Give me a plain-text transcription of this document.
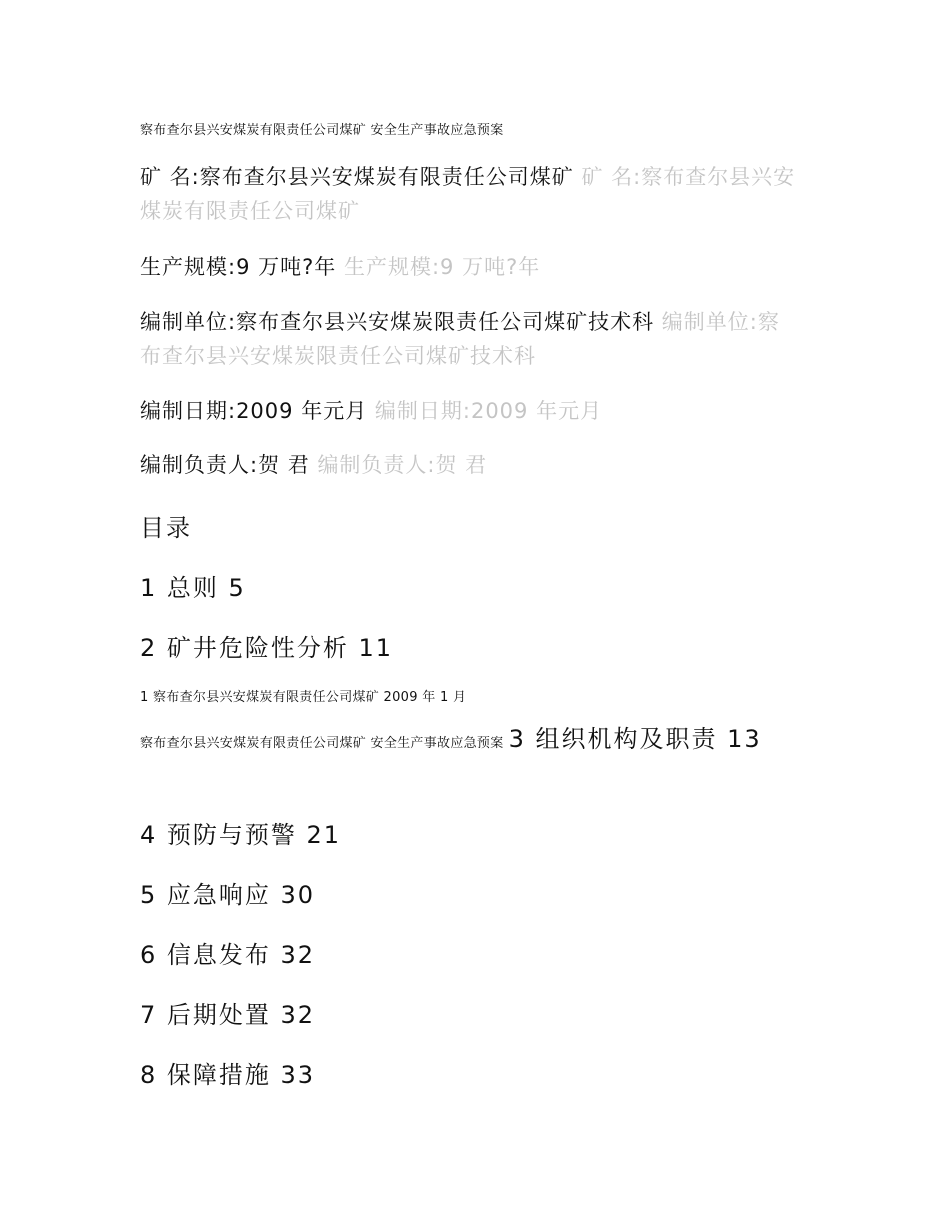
察布查尔县兴安煤炭有限责任公司煤矿 安全生产事故应急预案
矿 名:察布查尔县兴安煤炭有限责任公司煤矿 矿 名:察布查尔县兴安煤炭有限责任公司煤矿
生产规模:9 万吨?年 生产规模:9 万吨?年
编制单位:察布查尔县兴安煤炭限责任公司煤矿技术科 编制单位:察布查尔县兴安煤炭限责任公司煤矿技术科
编制日期:2009 年元月 编制日期:2009 年元月
编制负责人:贺 君 编制负责人:贺 君
目录
1 总则 5
2 矿井危险性分析 11
1 察布查尔县兴安煤炭有限责任公司煤矿 2009 年 1 月
察布查尔县兴安煤炭有限责任公司煤矿 安全生产事故应急预案 3 组织机构及职责 13
4 预防与预警 21
5 应急响应 30
6 信息发布 32
7 后期处置 32
8 保障措施 33
